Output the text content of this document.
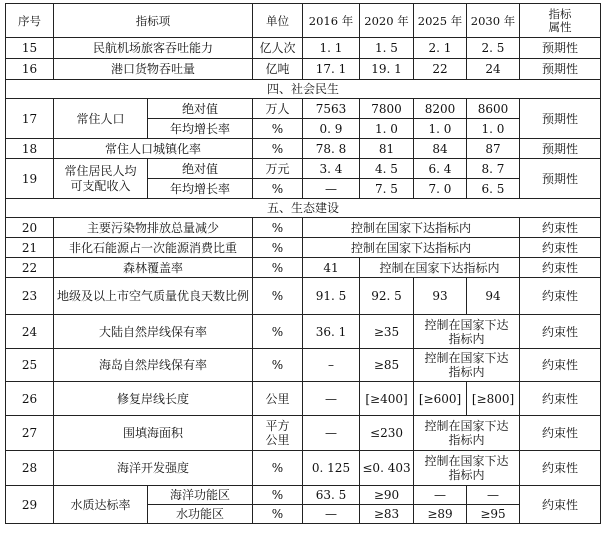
序号	指标项		单位	2016 年	2020 年	2025 年	2030 年	指标
属性
15	民航机场旅客吞吐能力		亿人次	1. 1	1. 5	2. 1	2. 5	预期性
16	港口货物吞吐量		亿吨	17. 1	19. 1	22	24	预期性
四、社会民生								
17	常住人口	绝对值	万人	7563	7800	8200	8600	预期性
		年均增长率	%	0. 9	1. 0	1. 0	1. 0	
18	常住人口城镇化率		%	78. 8	81	84	87	预期性
19	常住居民人均
可支配收入	绝对值	万元	3. 4	4. 5	6. 4	8. 7	预期性
		年均增长率	%	—	7. 5	7. 0	6. 5	
五、生态建设								
20	主要污染物排放总量减少		%	控制在国家下达指标内				约束性
21	非化石能源占一次能源消费比重		%	控制在国家下达指标内				约束性
22	森林覆盖率		%	41	控制在国家下达指标内			约束性
23	地级及以上市空气质量优良天数比例		%	91. 5	92. 5	93	94	约束性
24	大陆自然岸线保有率		%	36. 1	≥35	控制在国家下达
指标内		约束性
25	海岛自然岸线保有率		%	–	≥85	控制在国家下达
指标内		约束性
26	修复岸线长度		公里	—	[≥400]	[≥600]	[≥800]	约束性
27	围填海面积		平方
公里	—	≤230	控制在国家下达
指标内		约束性
28	海洋开发强度		%	0. 125	≤0. 403	控制在国家下达
指标内		约束性
29	水质达标率	海洋功能区	%	63. 5	≥90	—	—	约束性
		水功能区	%	—	≥83	≥89	≥95	
